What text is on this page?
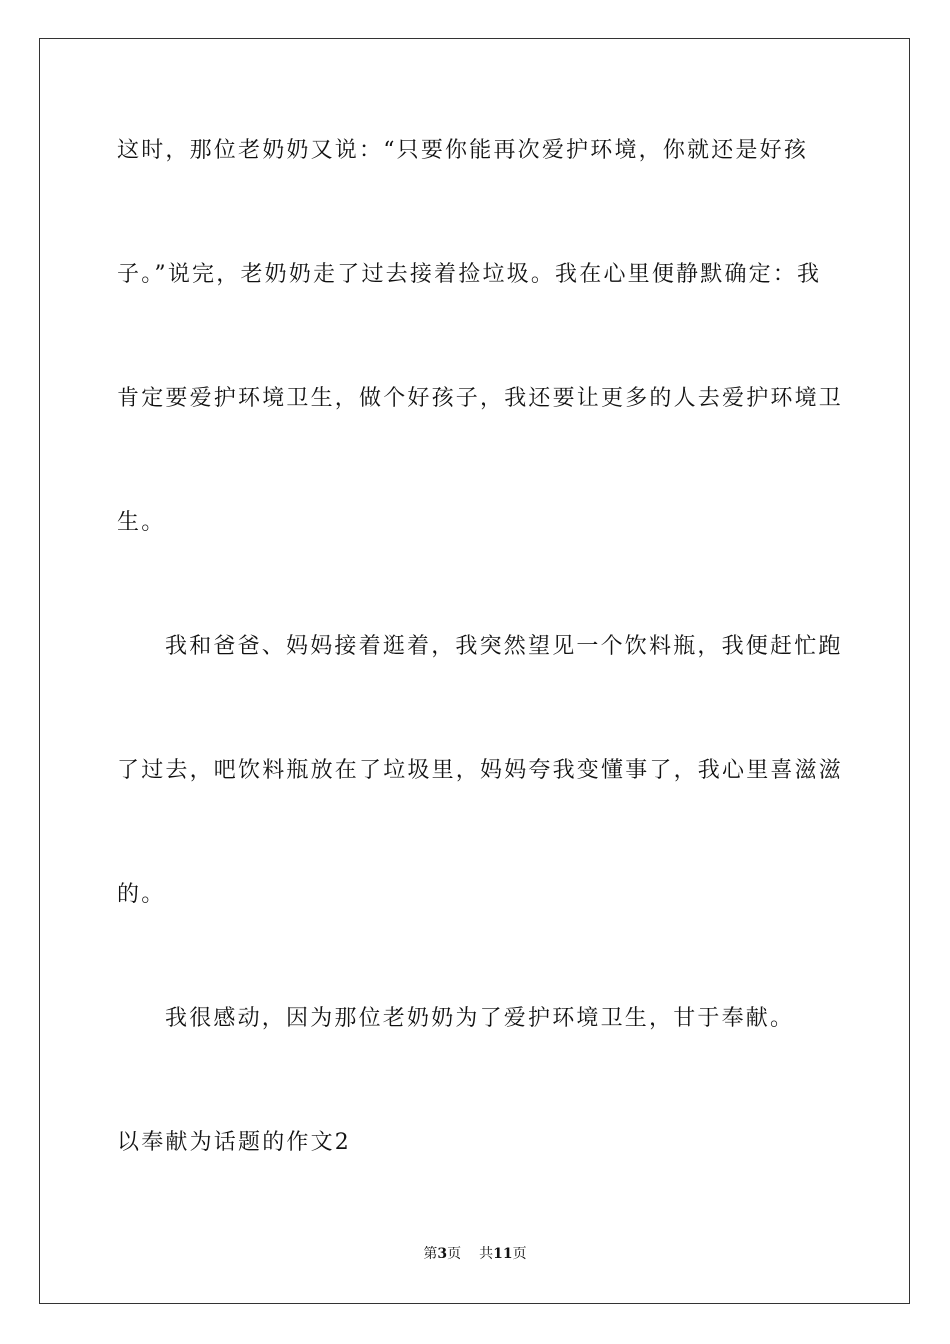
这时，那位老奶奶又说：“只要你能再次爱护环境，你就还是好孩
子。”说完，老奶奶走了过去接着捡垃圾。我在心里便静默确定：我
肯定要爱护环境卫生，做个好孩子，我还要让更多的人去爱护环境卫
生。
我和爸爸、妈妈接着逛着，我突然望见一个饮料瓶，我便赶忙跑
了过去，吧饮料瓶放在了垃圾里，妈妈夸我变懂事了，我心里喜滋滋
的。
我很感动，因为那位老奶奶为了爱护环境卫生，甘于奉献。
以奉献为话题的作文2
第3页 共11页
